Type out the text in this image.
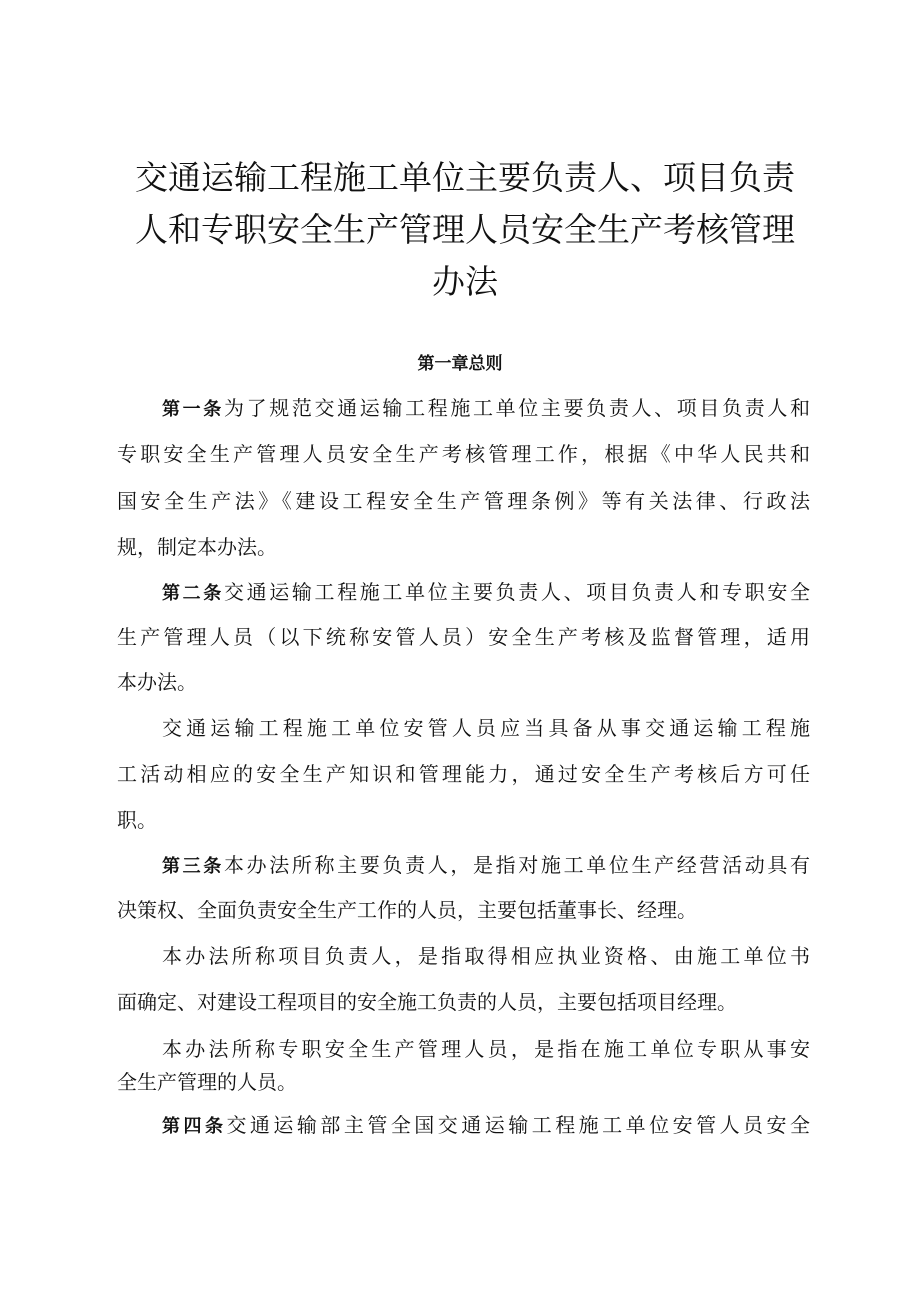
交通运输工程施工单位主要负责人、项目负责
人和专职安全生产管理人员安全生产考核管理
办法
第一章总则
第一条为了规范交通运输工程施工单位主要负责人、项目负责人和
专职安全生产管理人员安全生产考核管理工作，根据《中华人民共和
国安全生产法》《建设工程安全生产管理条例》等有关法律、行政法
规，制定本办法。
第二条交通运输工程施工单位主要负责人、项目负责人和专职安全
生产管理人员（以下统称安管人员）安全生产考核及监督管理，适用
本办法。
交通运输工程施工单位安管人员应当具备从事交通运输工程施
工活动相应的安全生产知识和管理能力，通过安全生产考核后方可任
职。
第三条本办法所称主要负责人，是指对施工单位生产经营活动具有
决策权、全面负责安全生产工作的人员，主要包括董事长、经理。
本办法所称项目负责人，是指取得相应执业资格、由施工单位书
面确定、对建设工程项目的安全施工负责的人员，主要包括项目经理。
本办法所称专职安全生产管理人员，是指在施工单位专职从事安
全生产管理的人员。
第四条交通运输部主管全国交通运输工程施工单位安管人员安全
